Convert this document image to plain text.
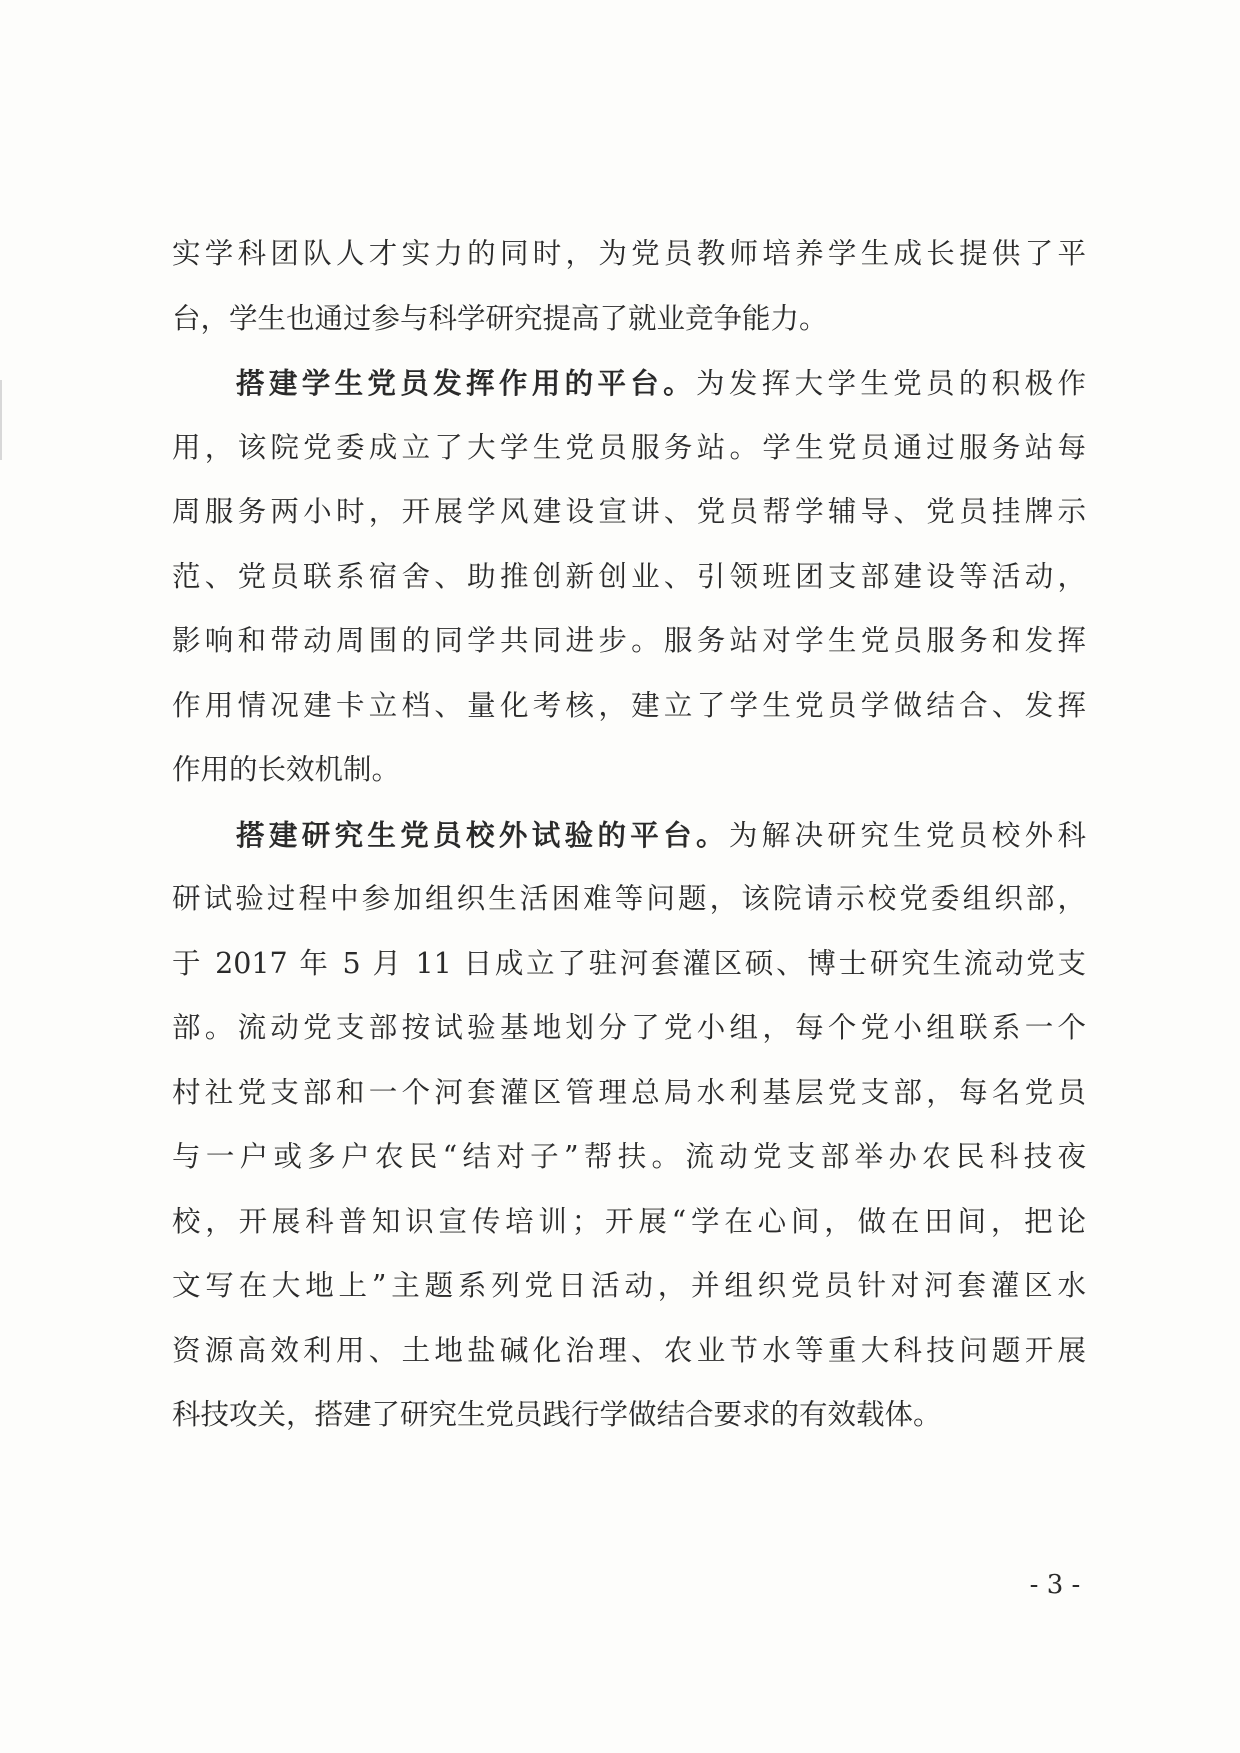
实学科团队人才实力的同时，为党员教师培养学生成长提供了平
台，学生也通过参与科学研究提高了就业竞争能力。
搭建学生党员发挥作用的平台。为发挥大学生党员的积极作
用，该院党委成立了大学生党员服务站。学生党员通过服务站每
周服务两小时，开展学风建设宣讲、党员帮学辅导、党员挂牌示
范、党员联系宿舍、助推创新创业、引领班团支部建设等活动，
影响和带动周围的同学共同进步。服务站对学生党员服务和发挥
作用情况建卡立档、量化考核，建立了学生党员学做结合、发挥
作用的长效机制。
搭建研究生党员校外试验的平台。为解决研究生党员校外科
研试验过程中参加组织生活困难等问题，该院请示校党委组织部，
于 2017 年 5 月 11 日成立了驻河套灌区硕、博士研究生流动党支
部。流动党支部按试验基地划分了党小组，每个党小组联系一个
村社党支部和一个河套灌区管理总局水利基层党支部，每名党员
与一户或多户农民“结对子”帮扶。流动党支部举办农民科技夜
校，开展科普知识宣传培训；开展“学在心间，做在田间，把论
文写在大地上”主题系列党日活动，并组织党员针对河套灌区水
资源高效利用、土地盐碱化治理、农业节水等重大科技问题开展
科技攻关，搭建了研究生党员践行学做结合要求的有效载体。
- 3 -
